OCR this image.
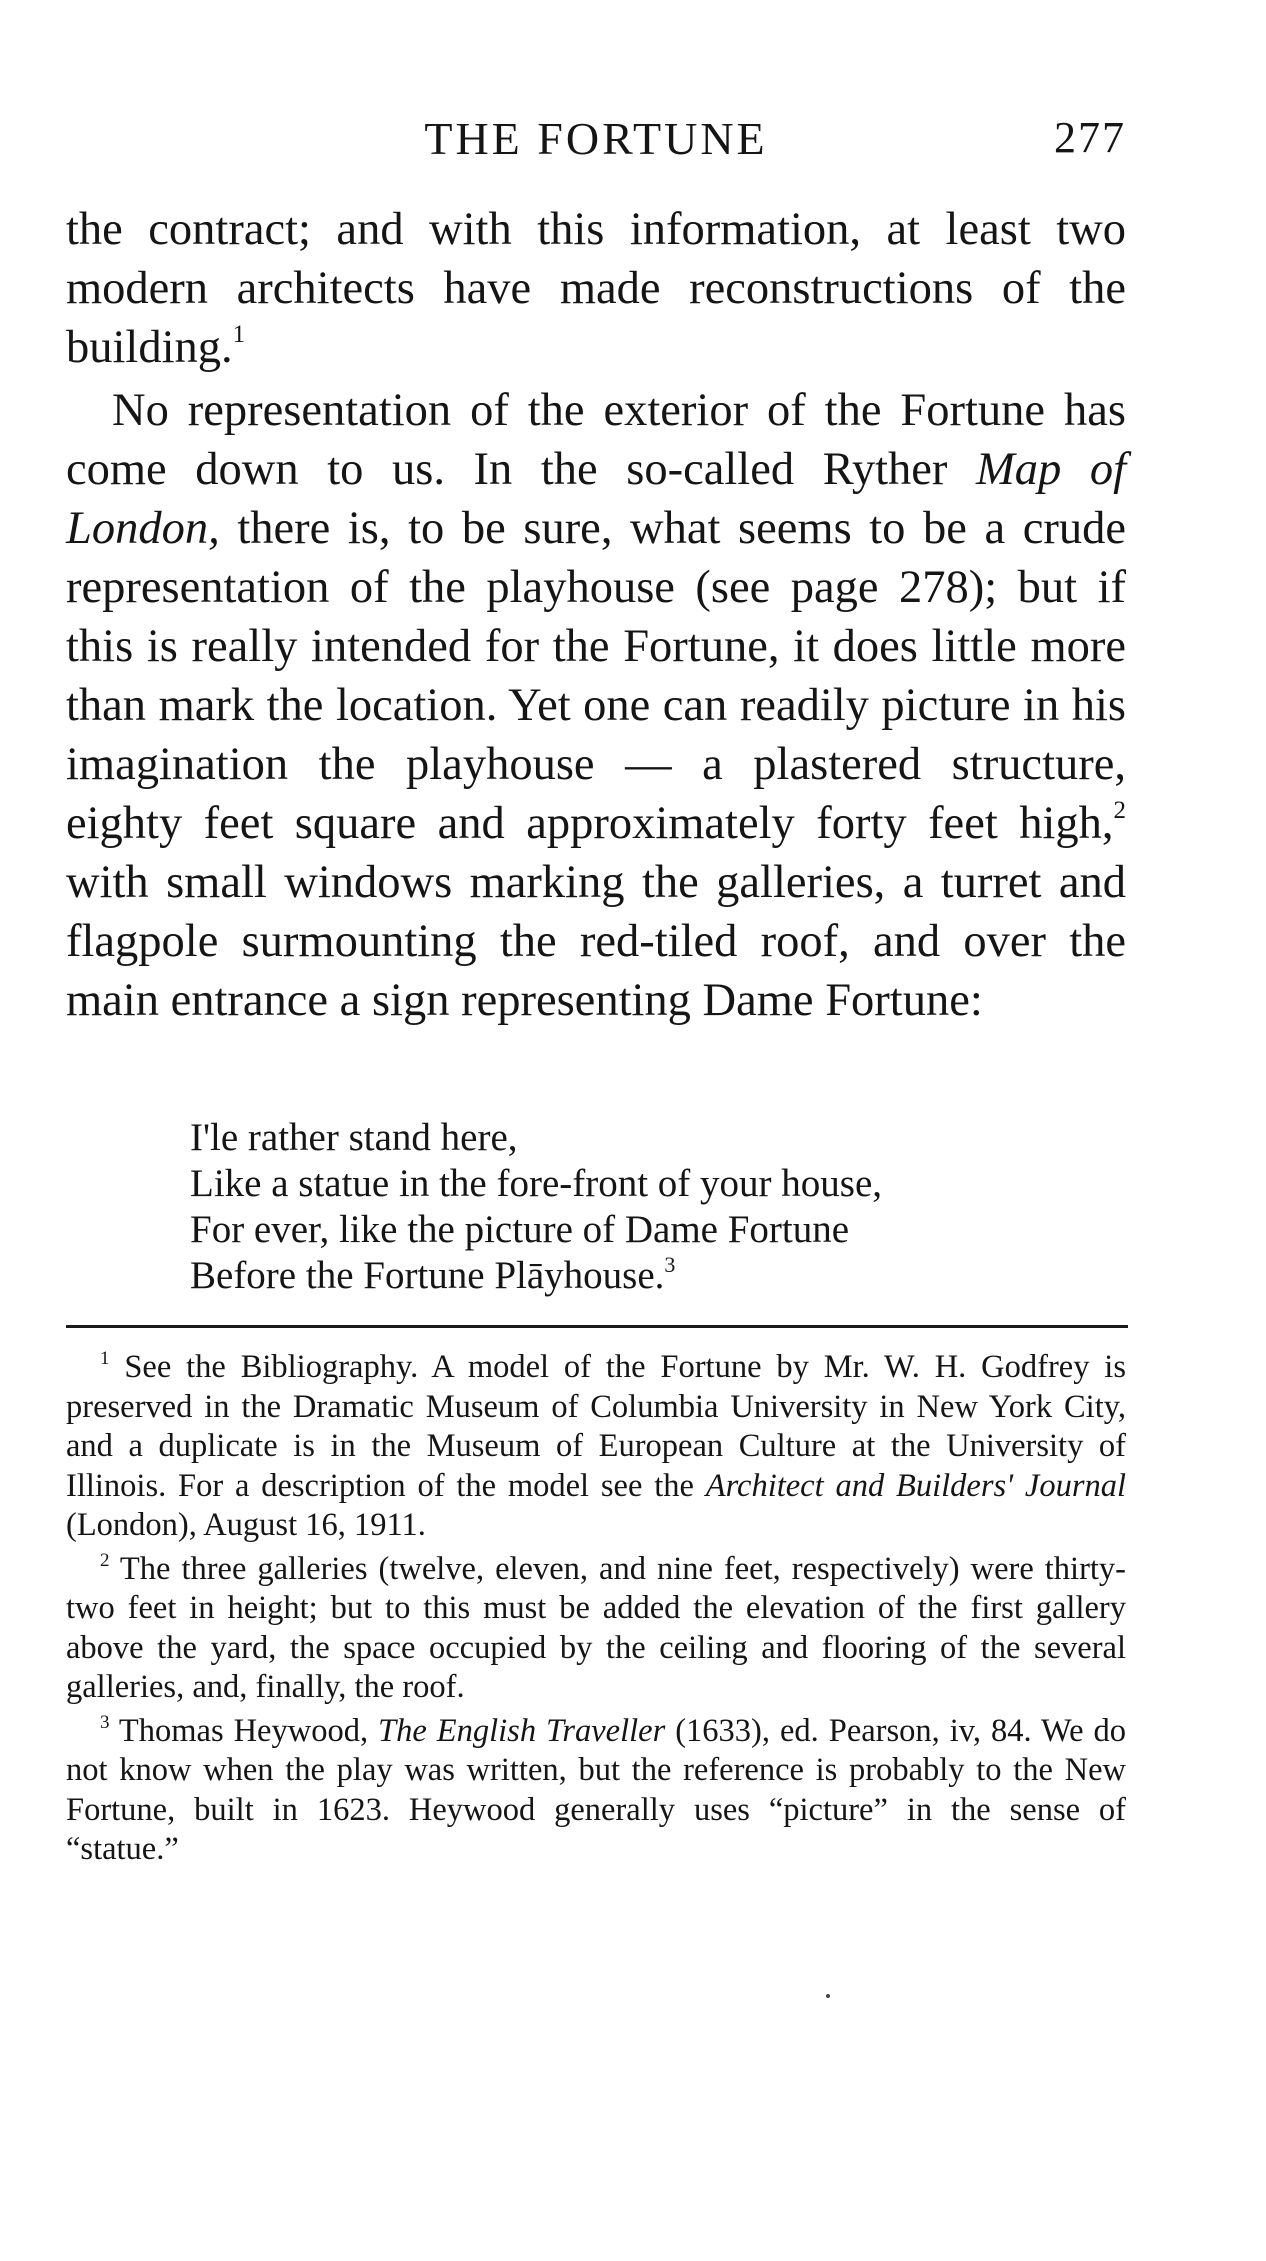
THE FORTUNE	277

the contract; and with this information, at least two modern architects have made reconstructions of the building.$^1$

No representation of the exterior of the Fortune has come down to us. In the so-called Ryther Map of London, there is, to be sure, what seems to be a crude representation of the playhouse (see page 278); but if this is really intended for the Fortune, it does little more than mark the location. Yet one can readily picture in his imagination the playhouse — a plastered structure, eighty feet square and approximately forty feet high,$^2$ with small windows marking the galleries, a turret and flagpole surmounting the red-tiled roof, and over the main entrance a sign representing Dame Fortune:

I'le rather stand here,
Like a statue in the fore-front of your house,
For ever, like the picture of Dame Fortune
Before the Fortune Plāyhouse.$^3$

$^1$ See the Bibliography. A model of the Fortune by Mr. W. H. Godfrey is preserved in the Dramatic Museum of Columbia University in New York City, and a duplicate is in the Museum of European Culture at the University of Illinois. For a description of the model see the Architect and Builders' Journal (London), August 16, 1911.

$^2$ The three galleries (twelve, eleven, and nine feet, respectively) were thirty-two feet in height; but to this must be added the elevation of the first gallery above the yard, the space occupied by the ceiling and flooring of the several galleries, and, finally, the roof.

$^3$ Thomas Heywood, The English Traveller (1633), ed. Pearson, iv, 84. We do not know when the play was written, but the reference is probably to the New Fortune, built in 1623. Heywood generally uses “picture” in the sense of “statue.”
